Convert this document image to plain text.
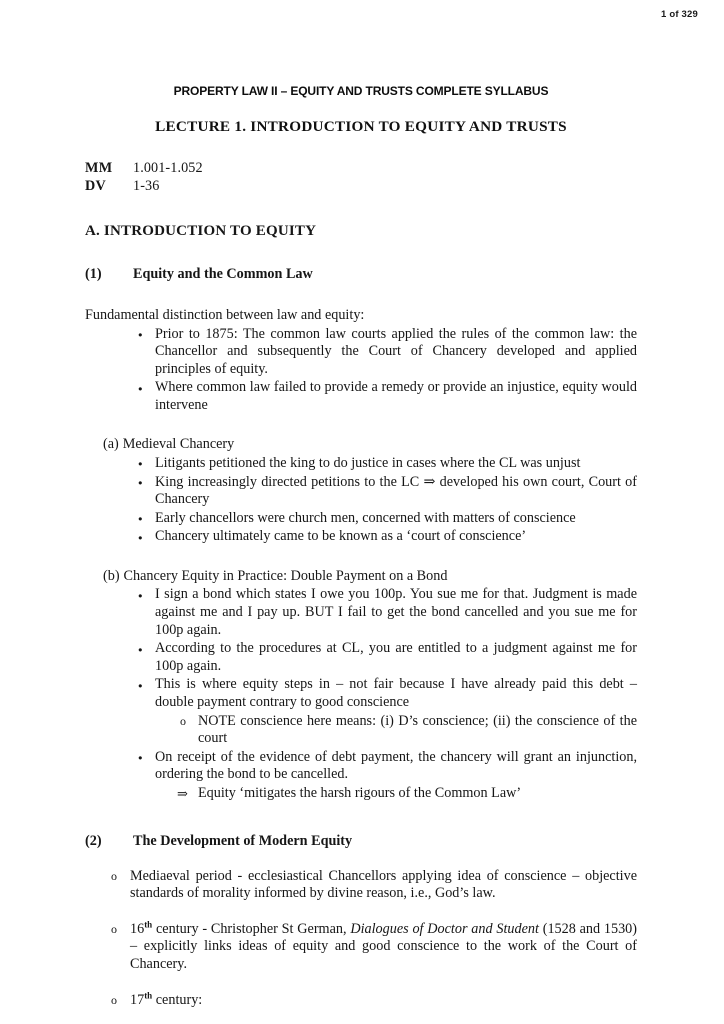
1 of 329
PROPERTY LAW II – EQUITY AND TRUSTS COMPLETE SYLLABUS
LECTURE 1. INTRODUCTION TO EQUITY AND TRUSTS
MM	1.001-1.052
DV	1-36
A. INTRODUCTION TO EQUITY
(1)	Equity and the Common Law
Fundamental distinction between law and equity:
● Prior to 1875: The common law courts applied the rules of the common law: the Chancellor and subsequently the Court of Chancery developed and applied principles of equity.
● Where common law failed to provide a remedy or provide an injustice, equity would intervene
(a) Medieval Chancery
● Litigants petitioned the king to do justice in cases where the CL was unjust
● King increasingly directed petitions to the LC ⇒ developed his own court, Court of Chancery
● Early chancellors were church men, concerned with matters of conscience
● Chancery ultimately came to be known as a ‘court of conscience’
(b) Chancery Equity in Practice: Double Payment on a Bond
● I sign a bond which states I owe you 100p. You sue me for that. Judgment is made against me and I pay up. BUT I fail to get the bond cancelled and you sue me for 100p again.
● According to the procedures at CL, you are entitled to a judgment against me for 100p again.
● This is where equity steps in – not fair because I have already paid this debt – double payment contrary to good conscience
o NOTE conscience here means: (i) D’s conscience; (ii) the conscience of the court
● On receipt of the evidence of debt payment, the chancery will grant an injunction, ordering the bond to be cancelled.
⇒ Equity ‘mitigates the harsh rigours of the Common Law’
(2)	The Development of Modern Equity
o Mediaeval period - ecclesiastical Chancellors applying idea of conscience – objective standards of morality informed by divine reason, i.e., God’s law.
o 16th century - Christopher St German, Dialogues of Doctor and Student (1528 and 1530) – explicitly links ideas of equity and good conscience to the work of the Court of Chancery.
o 17th century:
